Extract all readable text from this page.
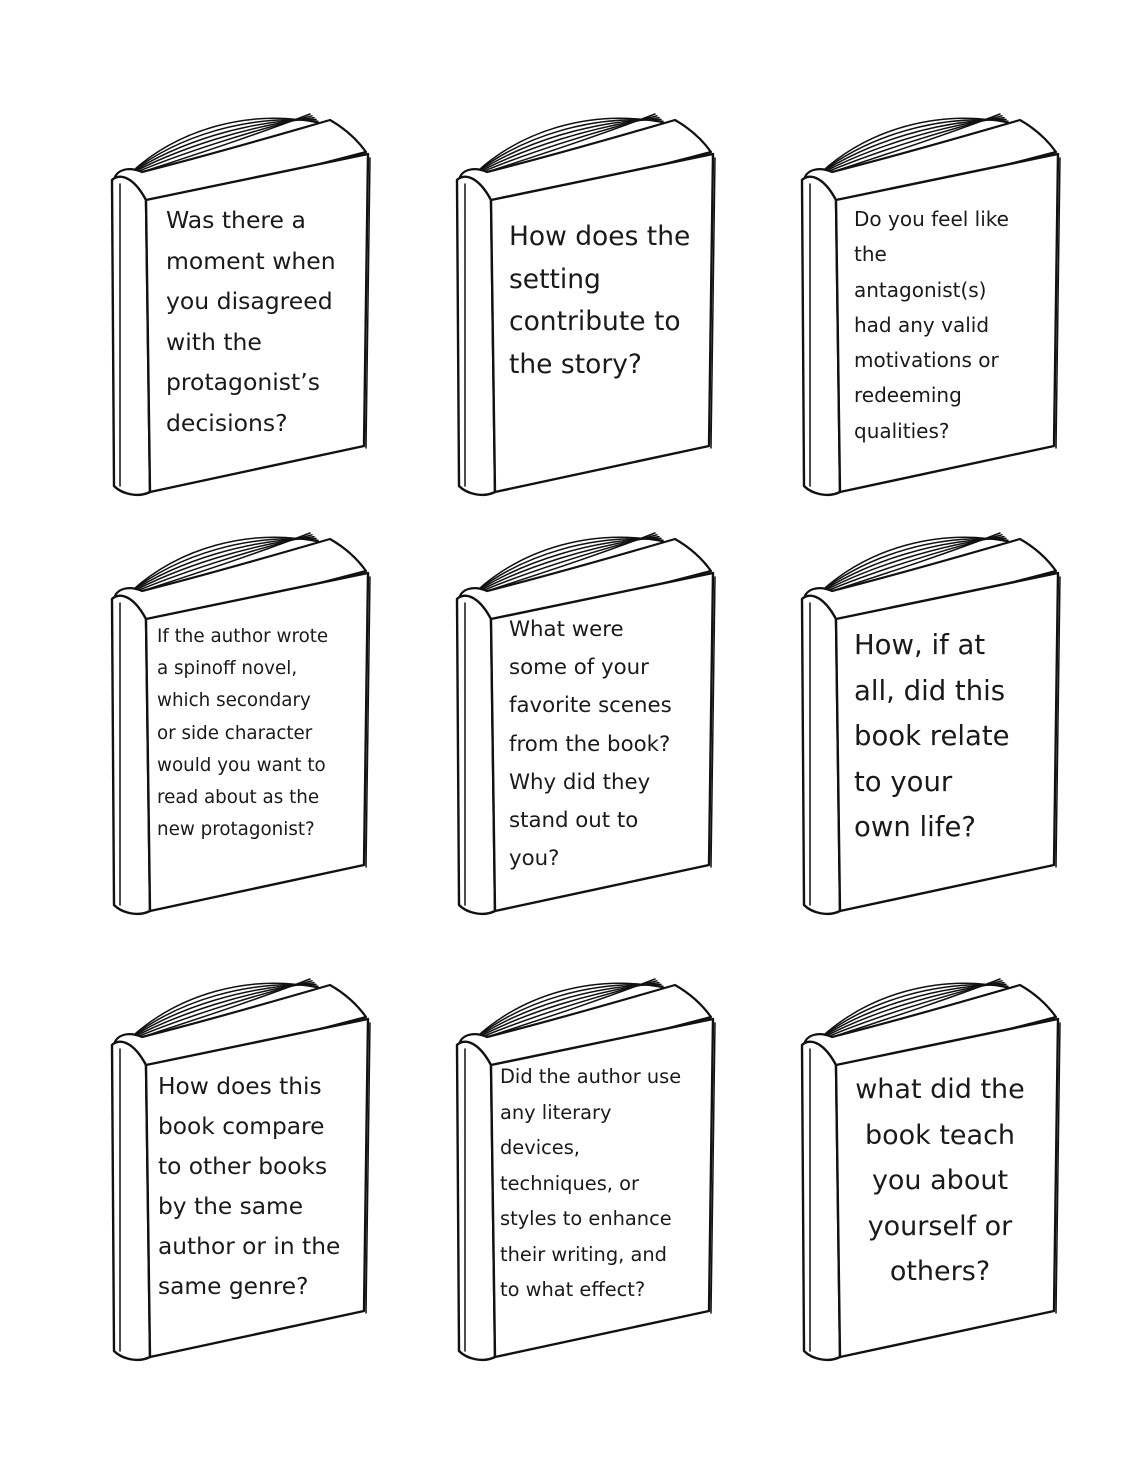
Was there a
moment when
you disagreed
with the
protagonist’s
decisions?

How does the
setting
contribute to
the story?

Do you feel like
the
antagonist(s)
had any valid
motivations or
redeeming
qualities?

If the author wrote
a spinoff novel,
which secondary
or side character
would you want to
read about as the
new protagonist?

What were
some of your
favorite scenes
from the book?
Why did they
stand out to
you?

How, if at
all, did this
book relate
to your
own life?

How does this
book compare
to other books
by the same
author or in the
same genre?

Did the author use
any literary
devices,
techniques, or
styles to enhance
their writing, and
to what effect?

what did the
book teach
you about
yourself or
others?
